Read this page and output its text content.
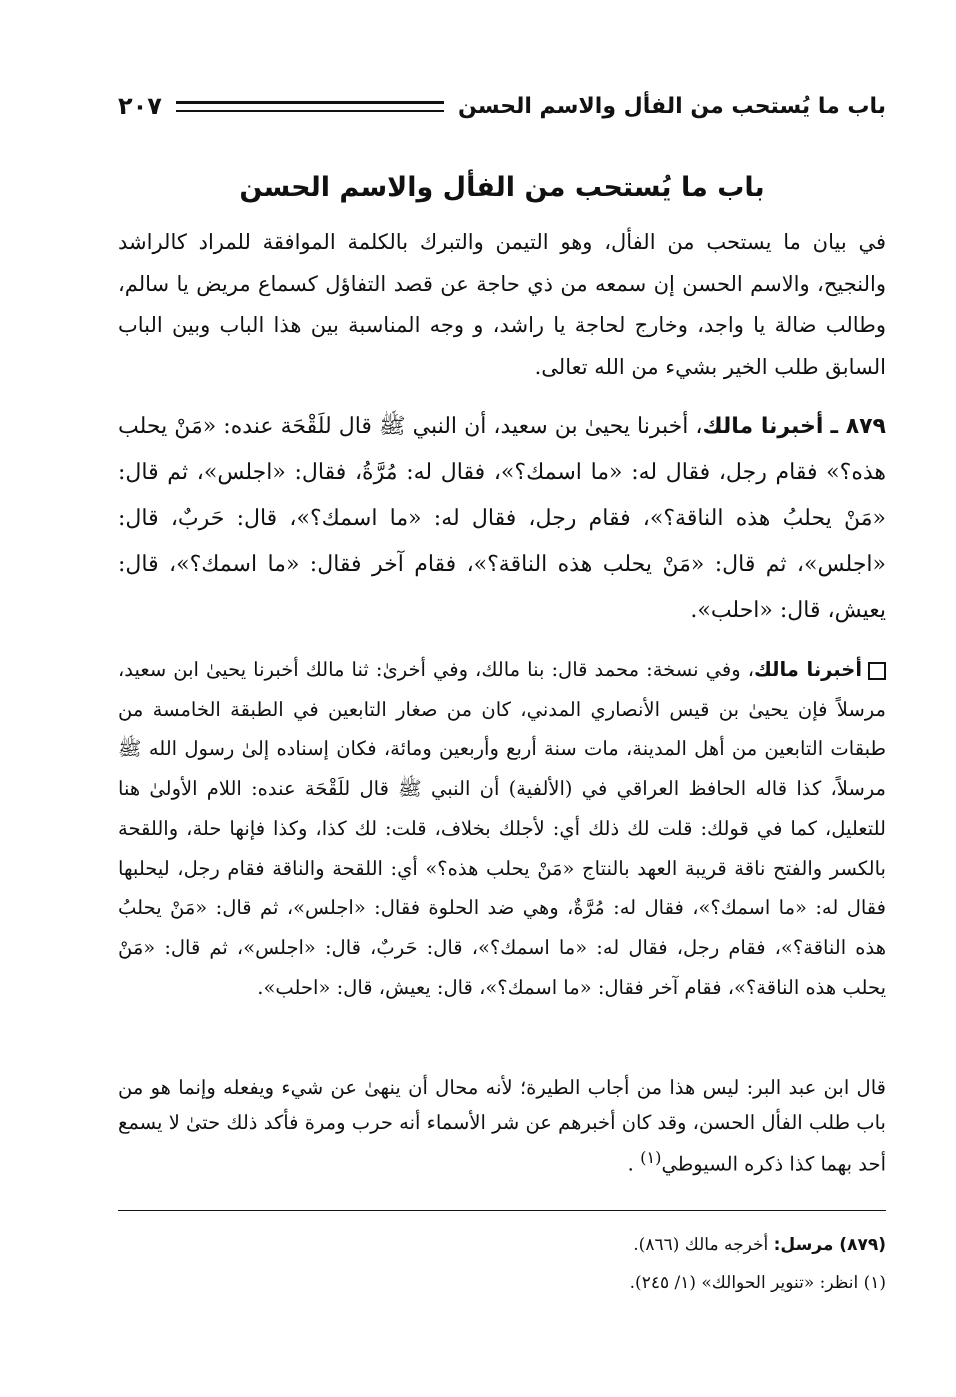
باب ما يُستحب من الفأل والاسم الحسن
٢٠٧
باب ما يُستحب من الفأل والاسم الحسن

في بيان ما يستحب من الفأل، وهو التيمن والتبرك بالكلمة الموافقة للمراد كالراشد والنجيح، والاسم الحسن إن سمعه من ذي حاجة عن قصد التفاؤل كسماع مريض يا سالم، وطالب ضالة يا واجد، وخارج لحاجة يا راشد، و وجه المناسبة بين هذا الباب وبين الباب السابق طلب الخير بشيء من الله تعالى.

٨٧٩ ـ أخبرنا مالك، أخبرنا يحيىٰ بن سعيد، أن النبي ﷺ قال للَقْحَة عنده: «مَنْ يحلب هذه؟» فقام رجل، فقال له: «ما اسمك؟»، فقال له: مُرَّةُ، فقال: «اجلس»، ثم قال: «مَنْ يحلبُ هذه الناقة؟»، فقام رجل، فقال له: «ما اسمك؟»، قال: حَربٌ، قال: «اجلس»، ثم قال: «مَنْ يحلب هذه الناقة؟»، فقام آخر فقال: «ما اسمك؟»، قال: يعيش، قال: «احلب».

أخبرنا مالك، وفي نسخة: محمد قال: بنا مالك، وفي أخرىٰ: ثنا مالك أخبرنا يحيىٰ ابن سعيد، مرسلاً فإن يحيىٰ بن قيس الأنصاري المدني، كان من صغار التابعين في الطبقة الخامسة من طبقات التابعين من أهل المدينة، مات سنة أربع وأربعين ومائة، فكان إسناده إلىٰ رسول الله ﷺ مرسلاً، كذا قاله الحافظ العراقي في (الألفية) أن النبي ﷺ قال للَقْحَة عنده: اللام الأولىٰ هنا للتعليل، كما في قولك: قلت لك ذلك أي: لأجلك بخلاف، قلت: لك كذا، وكذا فإنها حلة، واللقحة بالكسر والفتح ناقة قريبة العهد بالنتاج «مَنْ يحلب هذه؟» أي: اللقحة والناقة فقام رجل، ليحلبها فقال له: «ما اسمك؟»، فقال له: مُرَّةٌ، وهي ضد الحلوة فقال: «اجلس»، ثم قال: «مَنْ يحلبُ هذه الناقة؟»، فقام رجل، فقال له: «ما اسمك؟»، قال: حَربٌ، قال: «اجلس»، ثم قال: «مَنْ يحلب هذه الناقة؟»، فقام آخر فقال: «ما اسمك؟»، قال: يعيش، قال: «احلب».

قال ابن عبد البر: ليس هذا من أجاب الطيرة؛ لأنه محال أن ينهىٰ عن شيء ويفعله وإنما هو من باب طلب الفأل الحسن، وقد كان أخبرهم عن شر الأسماء أنه حرب ومرة فأكد ذلك حتىٰ لا يسمع أحد بهما كذا ذكره السيوطي$^{(١)}$ .

(٨٧٩) مرسل: أخرجه مالك (٨٦٦).

(١) انظر: «تنوير الحوالك» (١/ ٢٤٥).
